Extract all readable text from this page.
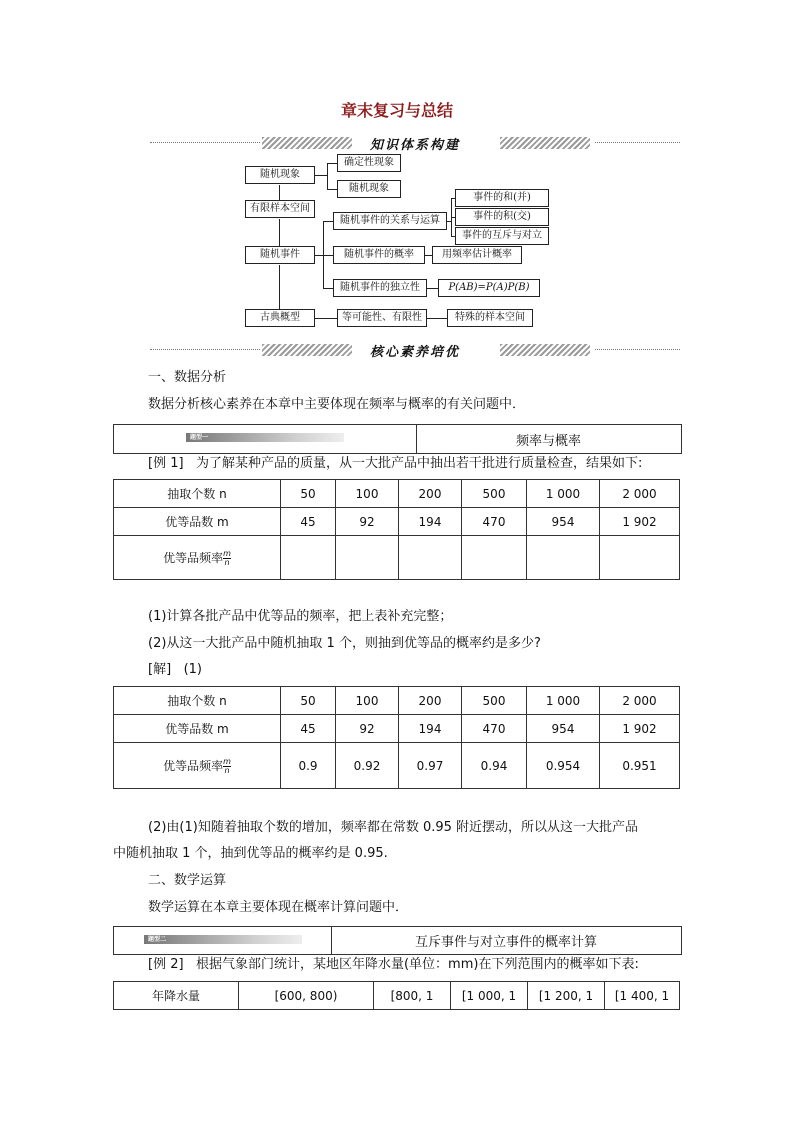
章末复习与总结
知识体系构建
随机现象
确定性现象
随机现象
有限样本空间
随机事件
随机事件的关系与运算
事件的和(并)
事件的积(交)
事件的互斥与对立
随机事件的概率	用频率估计概率
随机事件的独立性	P(AB)=P(A)P(B)
古典概型	等可能性、有限性	特殊的样本空间
核心素养培优
一、数据分析
数据分析核心素养在本章中主要体现在频率与概率的有关问题中．
题型一	频率与概率
[例 1] 为了解某种产品的质量，从一大批产品中抽出若干批进行质量检查，结果如下:
抽取个数 n	50	100	200	500	1 000	2 000
优等品数 m	45	92	194	470	954	1 902
优等品频率 $\frac{m}{n}$

(1)计算各批产品中优等品的频率，把上表补充完整；
(2)从这一大批产品中随机抽取 1 个，则抽到优等品的概率约是多少?
[解] (1)
抽取个数 n	50	100	200	500	1 000	2 000
优等品数 m	45	92	194	470	954	1 902
优等品频率 $\frac{m}{n}$	0.9	0.92	0.97	0.94	0.954	0.951
(2)由(1)知随着抽取个数的增加，频率都在常数 0.95 附近摆动，所以从这一大批产品
中随机抽取 1 个，抽到优等品的概率约是 0.95.
二、数学运算
数学运算在本章主要体现在概率计算问题中．
题型二	互斥事件与对立事件的概率计算
[例 2] 根据气象部门统计，某地区年降水量(单位：mm)在下列范围内的概率如下表:
年降水量	[600, 800)	[800, 1	[1 000, 1	[1 200, 1	[1 400, 1
